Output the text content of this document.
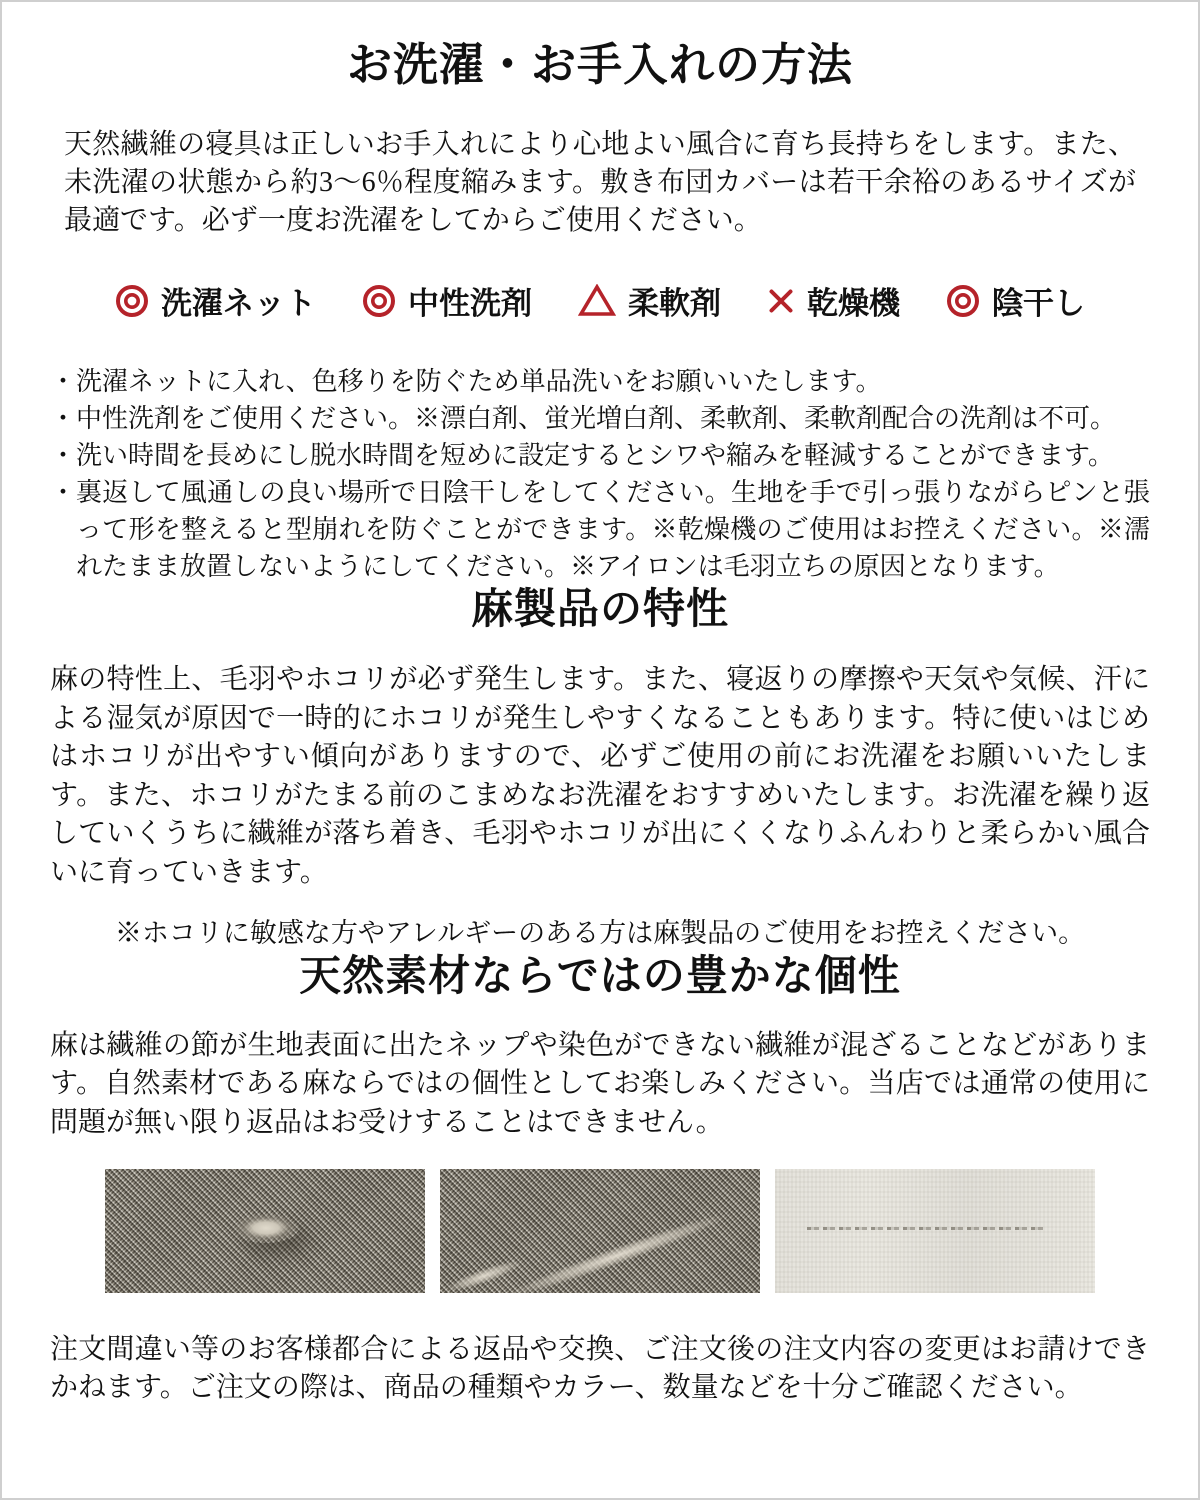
お洗濯・お手入れの方法

天然繊維の寝具は正しいお手入れにより心地よい風合に育ち長持ちをします。また、未洗濯の状態から約3〜6％程度縮みます。敷き布団カバーは若干余裕のあるサイズが最適です。必ず一度お洗濯をしてからご使用ください。

洗濯ネット	中性洗剤	柔軟剤	乾燥機	陰干し
・ 洗濯ネットに入れ、色移りを防ぐため単品洗いをお願いいたします。
・ 中性洗剤をご使用ください。※漂白剤、蛍光増白剤、柔軟剤、柔軟剤配合の洗剤は不可。
・ 洗い時間を長めにし脱水時間を短めに設定するとシワや縮みを軽減することができます。
・ 裏返して風通しの良い場所で日陰干しをしてください。生地を手で引っ張りながらピンと張って形を整えると型崩れを防ぐことができます。※乾燥機のご使用はお控えください。※濡れたまま放置しないようにしてください。※アイロンは毛羽立ちの原因となります。
麻製品の特性

麻の特性上、毛羽やホコリが必ず発生します。また、寝返りの摩擦や天気や気候、汗による湿気が原因で一時的にホコリが発生しやすくなることもあります。特に使いはじめはホコリが出やすい傾向がありますので、必ずご使用の前にお洗濯をお願いいたします。また、ホコリがたまる前のこまめなお洗濯をおすすめいたします。お洗濯を繰り返していくうちに繊維が落ち着き、毛羽やホコリが出にくくなりふんわりと柔らかい風合いに育っていきます。

※ホコリに敏感な方やアレルギーのある方は麻製品のご使用をお控えください。

天然素材ならではの豊かな個性

麻は繊維の節が生地表面に出たネップや染色ができない繊維が混ざることなどがあります。自然素材である麻ならではの個性としてお楽しみください。当店では通常の使用に問題が無い限り返品はお受けすることはできません。

注文間違い等のお客様都合による返品や交換、ご注文後の注文内容の変更はお請けできかねます。ご注文の際は、商品の種類やカラー、数量などを十分ご確認ください。
